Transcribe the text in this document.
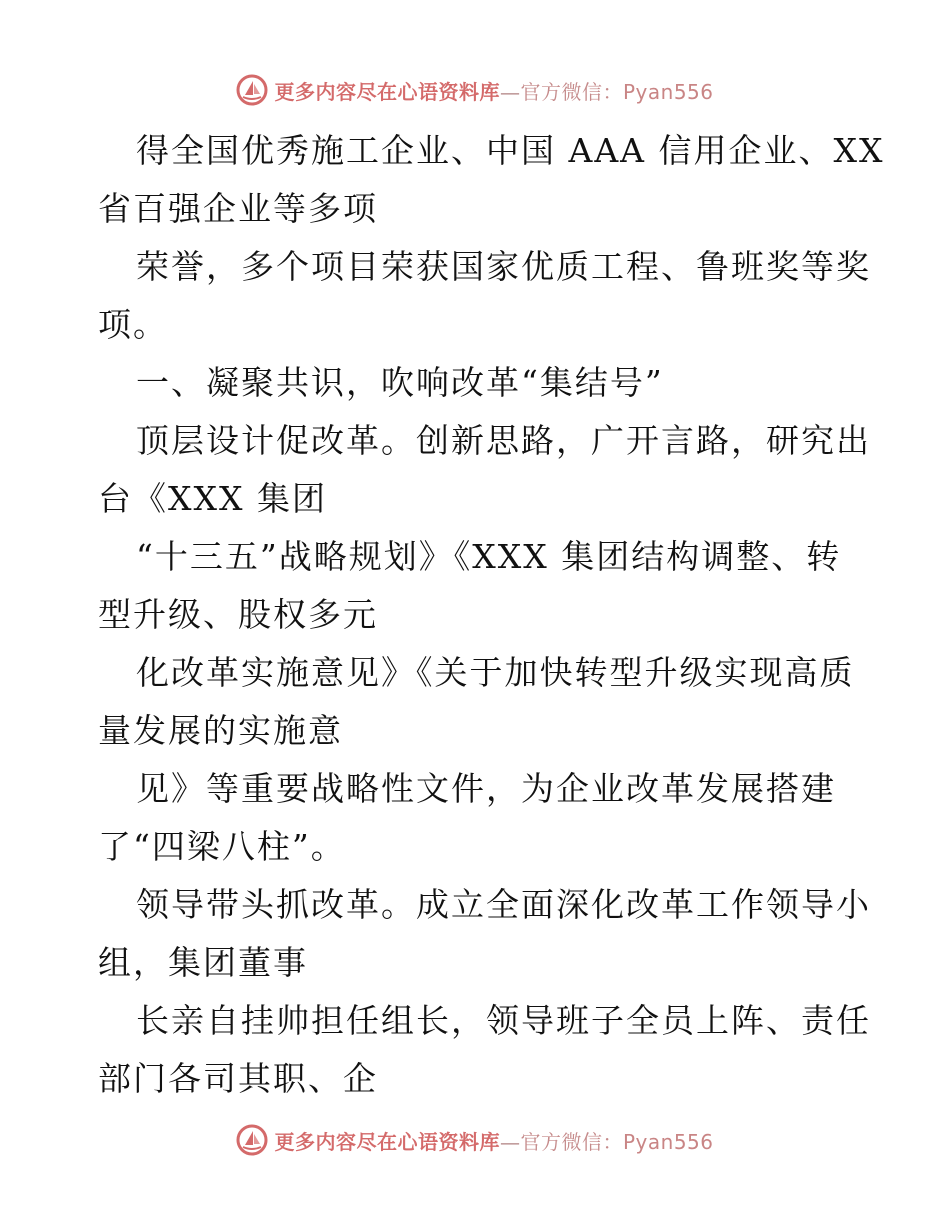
更多内容尽在心语资料库—官方微信：Pyan556

得全国优秀施工企业、中国 AAA 信用企业、XX
省百强企业等多项

荣誉，多个项目荣获国家优质工程、鲁班奖等奖
项。

一、凝聚共识，吹响改革“集结号”

顶层设计促改革。创新思路，广开言路，研究出
台《XXX 集团

“十三五”战略规划》《XXX 集团结构调整、转
型升级、股权多元

化改革实施意见》《关于加快转型升级实现高质
量发展的实施意

见》等重要战略性文件，为企业改革发展搭建
了“四梁八柱”。

领导带头抓改革。成立全面深化改革工作领导小
组，集团董事

长亲自挂帅担任组长，领导班子全员上阵、责任
部门各司其职、企

更多内容尽在心语资料库—官方微信：Pyan556
